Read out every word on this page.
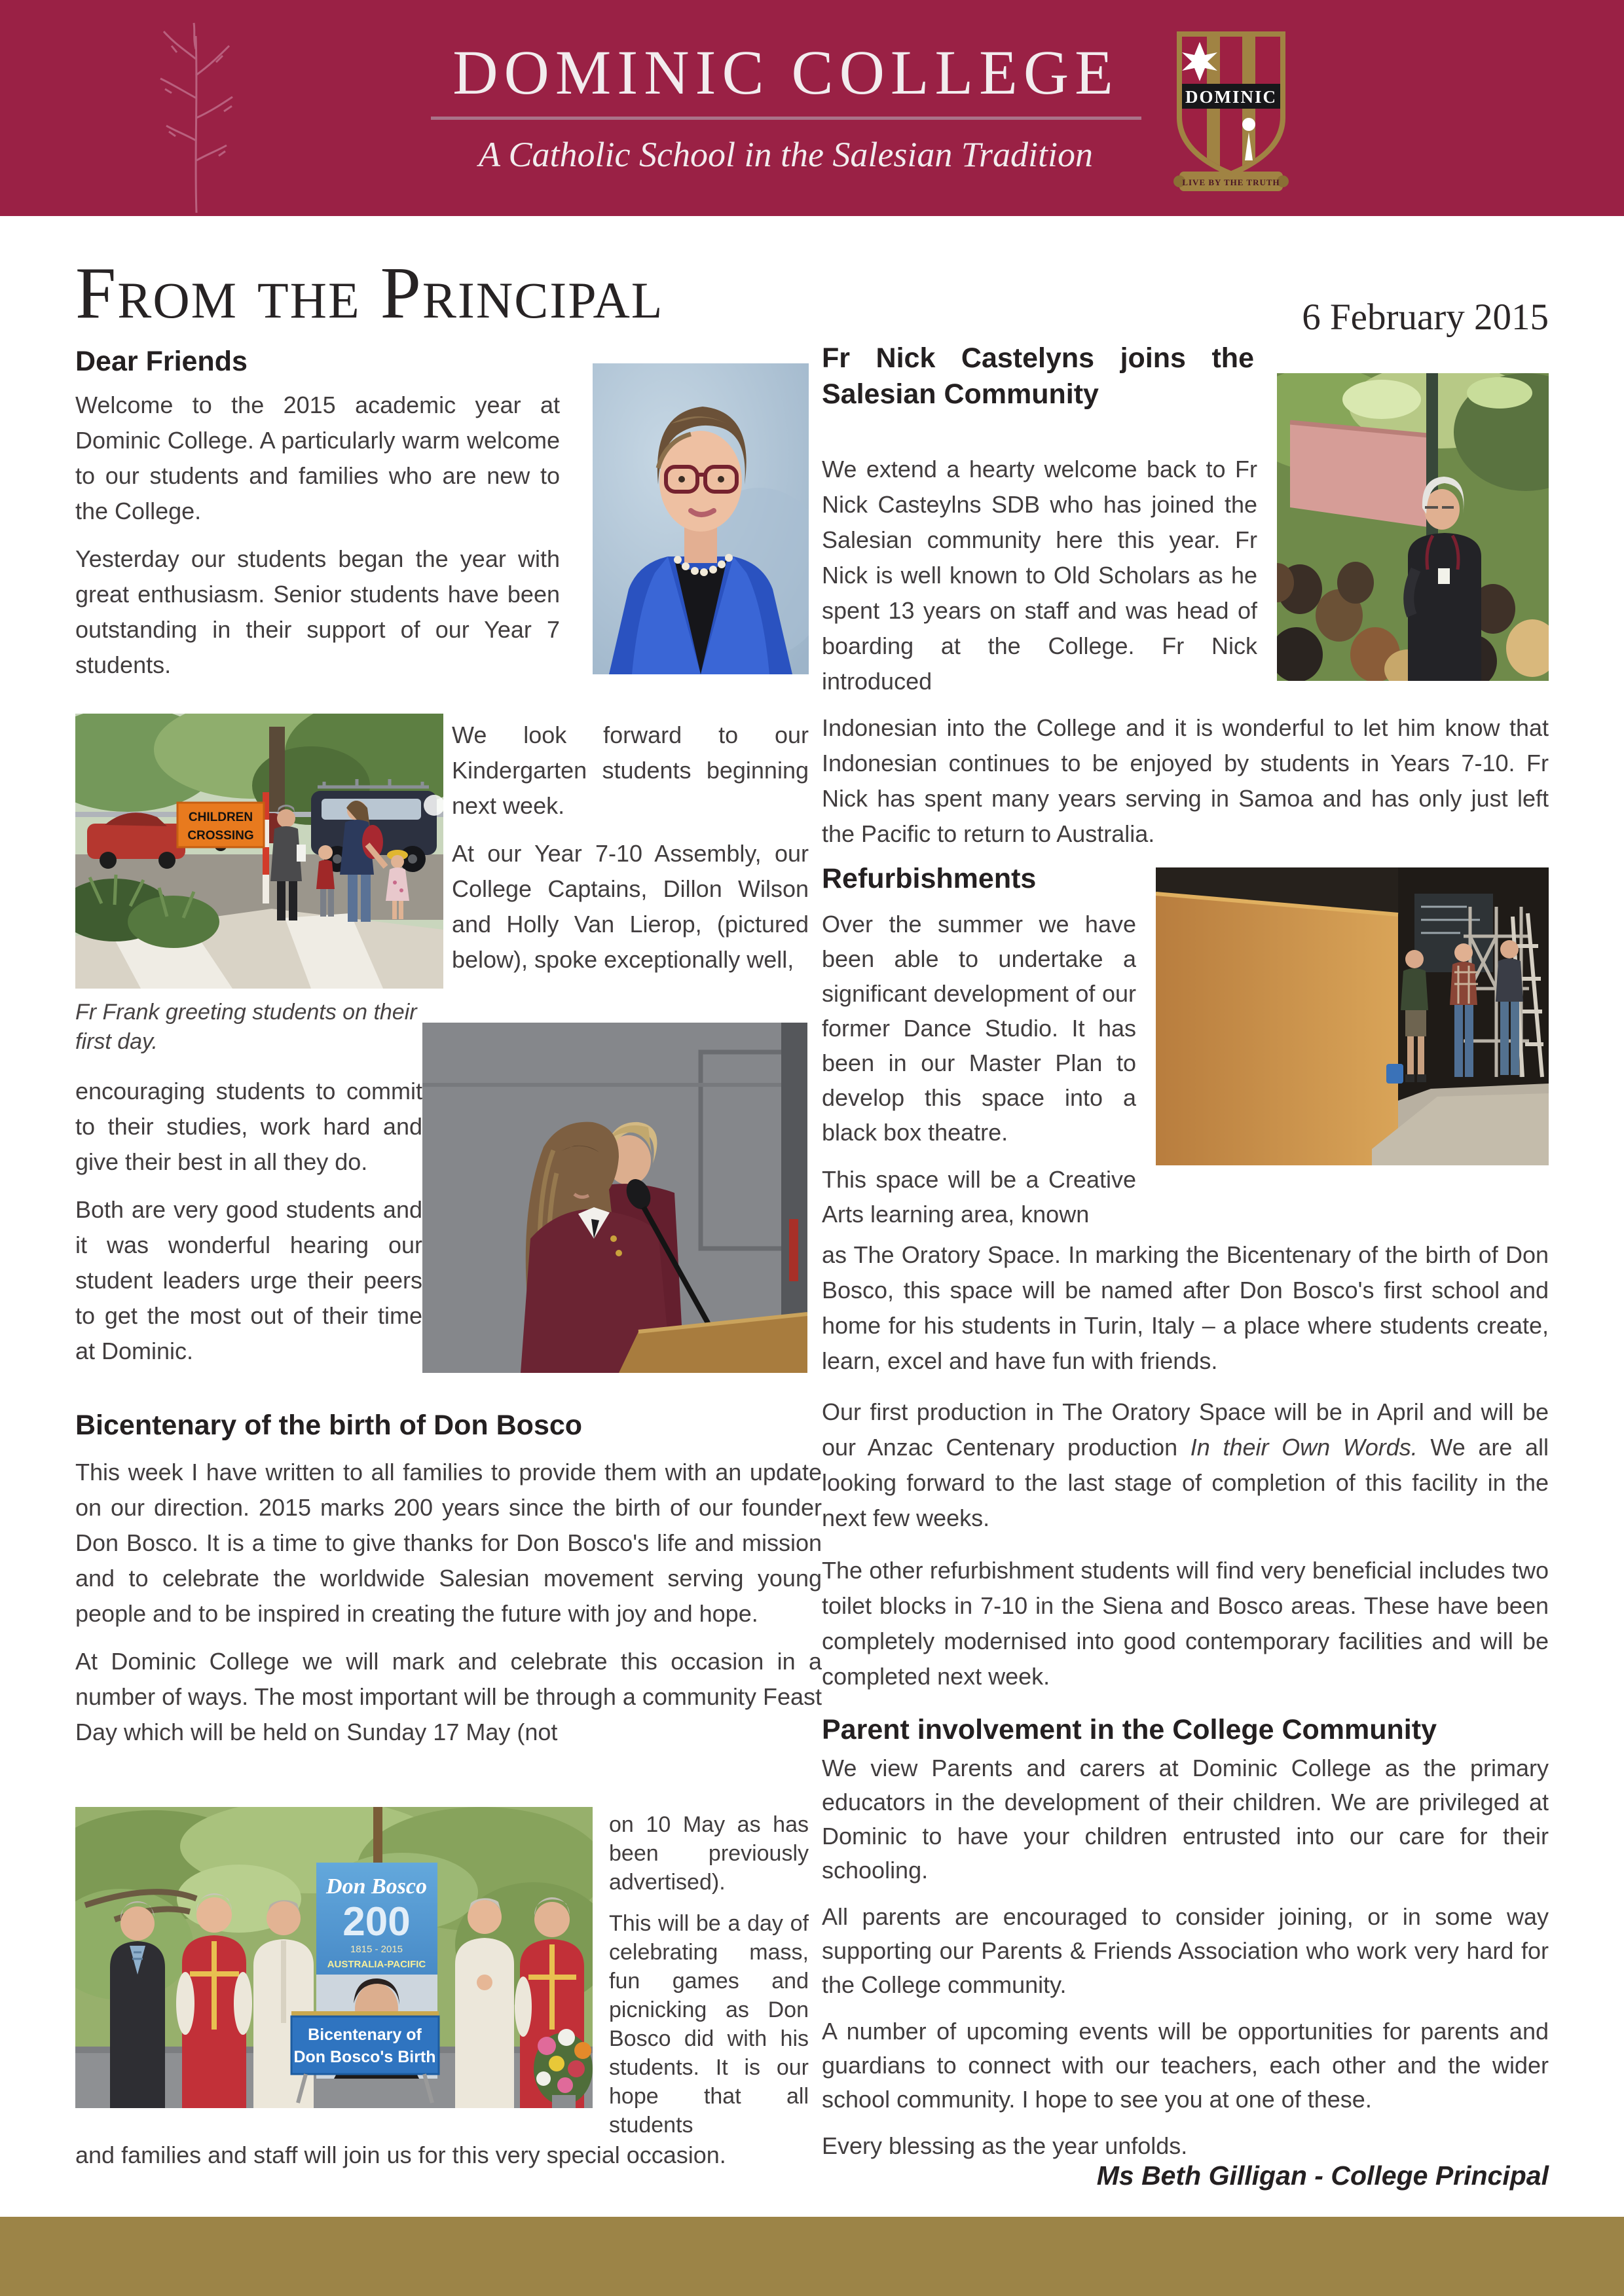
DOMINIC COLLEGE
A Catholic School in the Salesian Tradition
DOMINIC
LIVE BY THE TRUTH
From the Principal	6 February 2015
Dear Friends

Welcome to the 2015 academic year at Dominic College. A particularly warm welcome to our students and families who are new to the College.

Yesterday our students began the year with great enthusiasm. Senior students have been outstanding in their support of our Year 7 students.

CHILDREN
CROSSING
Fr Frank greeting students on their first day.

We look forward to our Kindergarten students beginning next week.

At our Year 7-10 Assembly, our College Captains, Dillon Wilson and Holly Van Lierop, (pictured below), spoke exceptionally well,

encouraging students to commit to their studies, work hard and give their best in all they do.

Both are very good students and it was wonderful hearing our student leaders urge their peers to get the most out of their time at Dominic.

Bicentenary of the birth of Don Bosco

This week I have written to all families to provide them with an update on our direction. 2015 marks 200 years since the birth of our founder Don Bosco. It is a time to give thanks for Don Bosco's life and mission and to celebrate the worldwide Salesian movement serving young people and to be inspired in creating the future with joy and hope.

At Dominic College we will mark and celebrate this occasion in a number of ways. The most important will be through a community Feast Day which will be held on Sunday 17 May (not

Don Bosco
200
1815 - 2015
AUSTRALIA-PACIFIC
Bicentenary of
Don Bosco's Birth

on 10 May as has been previously advertised).

This will be a day of celebrating mass, fun games and picnicking as Don Bosco did with his students. It is our hope that all students

and families and staff will join us for this very special occasion.
Fr Nick Castelyns joins the Salesian Community
We extend a hearty welcome back to Fr Nick Casteylns SDB who has joined the Salesian community here this year. Fr Nick is well known to Old Scholars as he spent 13 years on staff and was head of boarding at the College. Fr Nick introduced
Indonesian into the College and it is wonderful to let him know that Indonesian continues to be enjoyed by students in Years 7-10. Fr Nick has spent many years serving in Samoa and has only just left the Pacific to return to Australia.
Refurbishments

Over the summer we have been able to undertake a significant development of our former Dance Studio. It has been in our Master Plan to develop this space into a black box theatre.

This space will be a Creative Arts learning area, known

as The Oratory Space. In marking the Bicentenary of the birth of Don Bosco, this space will be named after Don Bosco's first school and home for his students in Turin, Italy – a place where students create, learn, excel and have fun with friends.
Our first production in The Oratory Space will be in April and will be our Anzac Centenary production In their Own Words. We are all looking forward to the last stage of completion of this facility in the next few weeks.
The other refurbishment students will find very beneficial includes two toilet blocks in 7-10 in the Siena and Bosco areas. These have been completely modernised into good contemporary facilities and will be completed next week.
Parent involvement in the College Community

We view Parents and carers at Dominic College as the primary educators in the development of their children. We are privileged at Dominic to have your children entrusted into our care for their schooling.

All parents are encouraged to consider joining, or in some way supporting our Parents & Friends Association who work very hard for the College community.

A number of upcoming events will be opportunities for parents and guardians to connect with our teachers, each other and the wider school community. I hope to see you at one of these.

Every blessing as the year unfolds.

Ms Beth Gilligan - College Principal
